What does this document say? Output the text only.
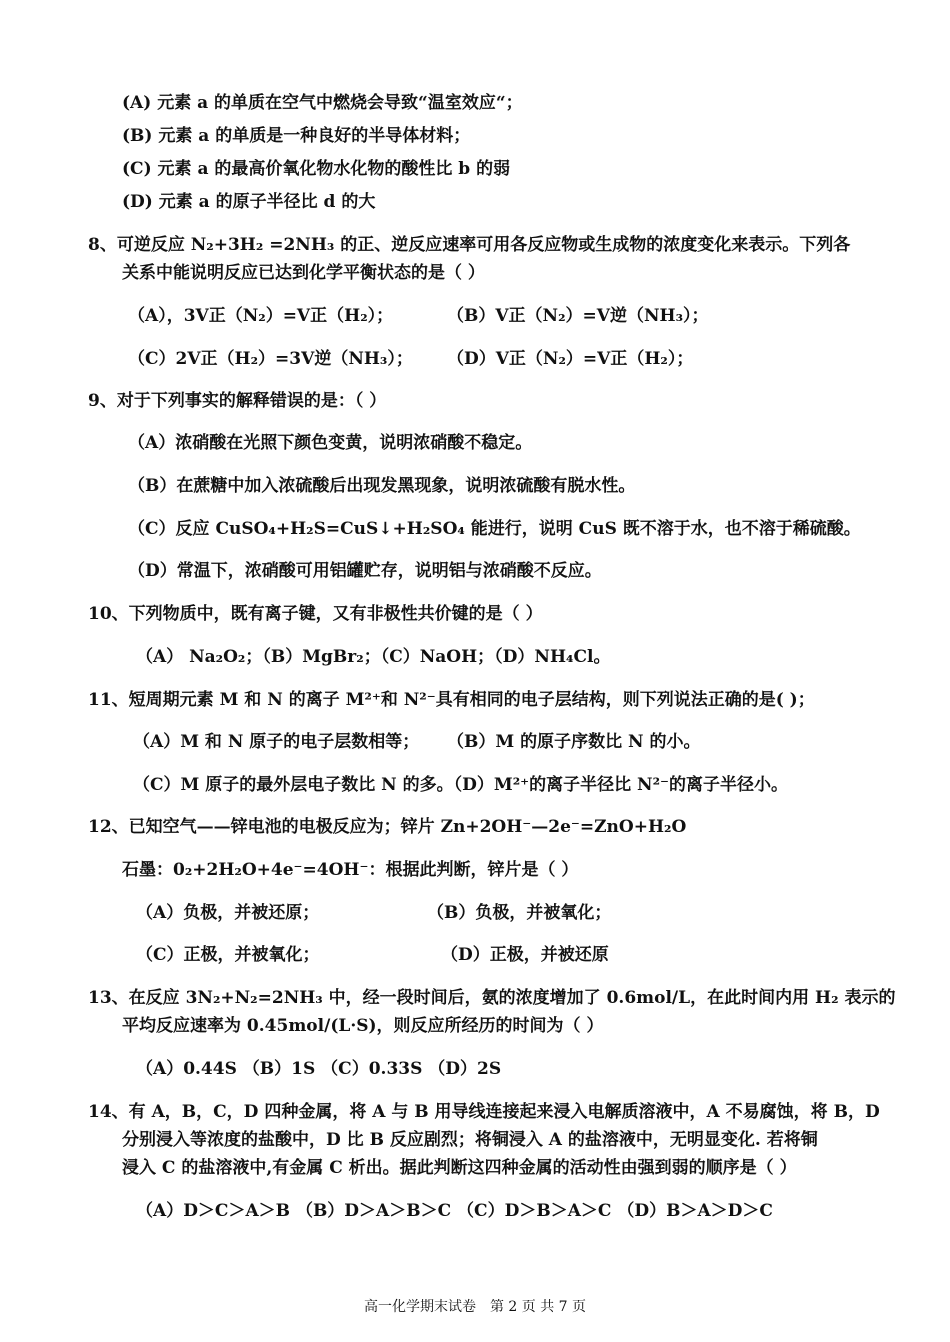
(A) 元素 a 的单质在空气中燃烧会导致“温室效应“；
(B) 元素 a 的单质是一种良好的半导体材料；
(C) 元素 a 的最高价氧化物水化物的酸性比 b 的弱
(D) 元素 a 的原子半径比 d 的大
8、可逆反应 N₂+3H₂ =2NH₃ 的正、逆反应速率可用各反应物或生成物的浓度变化来表示。下列各
关系中能说明反应已达到化学平衡状态的是（ ）
（A），3V正（N₂）=V正（H₂）；	（B）V正（N₂）=V逆（NH₃）；
（C）2V正（H₂）=3V逆（NH₃）； （D）V正（N₂）=V正（H₂）；
9、对于下列事实的解释错误的是：（ ）
（A）浓硝酸在光照下颜色变黄，说明浓硝酸不稳定。
（B）在蔗糖中加入浓硫酸后出现发黑现象，说明浓硫酸有脱水性。
（C）反应 CuSO₄+H₂S=CuS↓+H₂SO₄ 能进行，说明 CuS 既不溶于水，也不溶于稀硫酸。
（D）常温下，浓硝酸可用铝罐贮存，说明铝与浓硝酸不反应。
10、下列物质中，既有离子键，又有非极性共价键的是（ ）
（A） Na₂O₂；（B）MgBr₂；（C）NaOH；（D）NH₄Cl。
11、短周期元素 M 和 N 的离子 M²⁺和 N²⁻具有相同的电子层结构，则下列说法正确的是( )；
（A）M 和 N 原子的电子层数相等； （B）M 的原子序数比 N 的小。
（C）M 原子的最外层电子数比 N 的多。（D）M²⁺的离子半径比 N²⁻的离子半径小。
12、已知空气——锌电池的电极反应为；锌片 Zn+2OH⁻—2e⁻=ZnO+H₂O
石墨：0₂+2H₂O+4e⁻=4OH⁻：根据此判断，锌片是（ ）
（A）负极，并被还原；	（B）负极，并被氧化；
（C）正极，并被氧化；	（D）正极，并被还原
13、在反应 3N₂+N₂=2NH₃ 中，经一段时间后，氨的浓度增加了 0.6mol/L，在此时间内用 H₂ 表示的
平均反应速率为 0.45mol/(L·S)，则反应所经历的时间为（ ）
（A）0.44S （B）1S （C）0.33S （D）2S
14、有 A，B，C，D 四种金属，将 A 与 B 用导线连接起来浸入电解质溶液中，A 不易腐蚀，将 B，D
分别浸入等浓度的盐酸中，D 比 B 反应剧烈；将铜浸入 A 的盐溶液中，无明显变化. 若将铜
浸入 C 的盐溶液中,有金属 C 析出。据此判断这四种金属的活动性由强到弱的顺序是（ ）
（A）D＞C＞A＞B （B）D＞A＞B＞C （C）D＞B＞A＞C （D）B＞A＞D＞C
高一化学期末试卷　第 2 页 共 7 页
